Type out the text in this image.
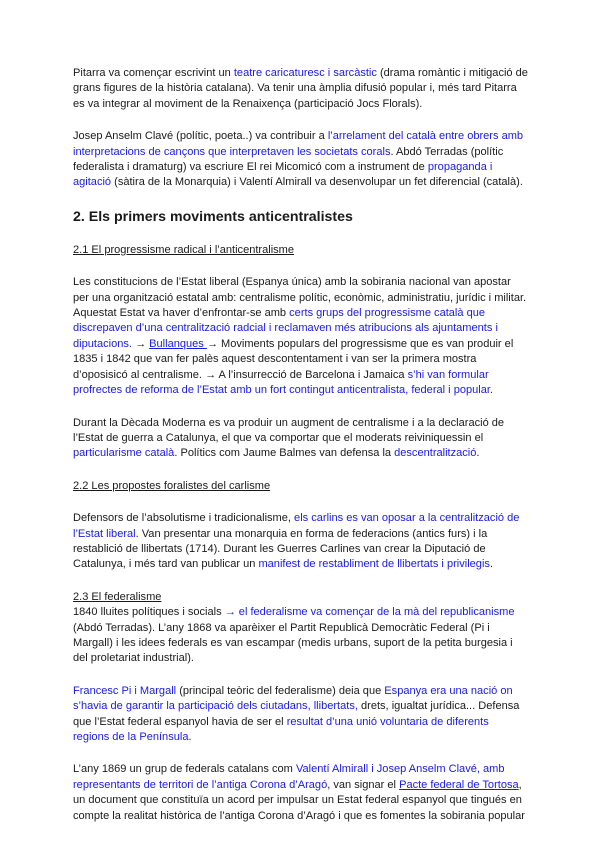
Pitarra va començar escrivint un teatre caricaturesc i sarcàstic (drama romàntic i mitigació de grans figures de la història catalana). Va tenir una àmplia difusió popular i, més tard Pitarra es va integrar al moviment de la Renaixença (participació Jocs Florals).

Josep Anselm Clavé (polític, poeta..) va contribuir a l’arrelament del català entre obrers amb interpretacions de cançons que interpretaven les societats corals. Abdó Terradas (polític federalista i dramaturg) va escriure El rei Micomicó com a instrument de propaganda i agitació (sàtira de la Monarquia) i Valentí Almirall va desenvolupar un fet diferencial (català).

2. Els primers moviments anticentralistes
2.1 El progressisme radical i l’anticentralisme

Les constitucions de l’Estat liberal (Espanya única) amb la sobirania nacional van apostar per una organització estatal amb: centralisme polític, econòmic, administratiu, jurídic i militar. Aquestat Estat va haver d’enfrontar-se amb certs grups del progressisme català que discrepaven d’una centralització radcial i reclamaven més atribucions als ajuntaments i diputacions. → Bullanques → Moviments populars del progressisme que es van produir el 1835 i 1842 que van fer palès aquest descontentament i van ser la primera mostra d’oposisicó al centralisme. → A l’insurrecció de Barcelona i Jamaica s’hi van formular profrectes de reforma de l’Estat amb un fort contingut anticentralista, federal i popular.

Durant la Dècada Moderna es va produir un augment de centralisme i a la declaració de l’Estat de guerra a Catalunya, el que va comportar que el moderats reiviniquessin el particularisme català. Polítics com Jaume Balmes van defensa la descentralització.

2.2 Les propostes foralistes del carlisme

Defensors de l’absolutisme i tradicionalisme, els carlins es van oposar a la centralització de l’Estat liberal. Van presentar una monarquia en forma de federacions (antics furs) i la restablició de llibertats (1714). Durant les Guerres Carlines van crear la Diputació de Catalunya, i més tard van publicar un manifest de restabliment de llibertats i privilegis.

2.3 El federalisme

1840 lluites polítiques i socials → el federalisme va començar de la mà del republicanisme (Abdó Terradas). L’any 1868 va aparèixer el Partit Republicà Democràtic Federal (Pi i Margall) i les idees federals es van escampar (medis urbans, suport de la petita burgesia i del proletariat industrial).

Francesc Pi i Margall (principal teòric del federalisme) deia que Espanya era una nació on s’havia de garantir la participació dels ciutadans, llibertats, drets, igualtat jurídica... Defensa que l’Estat federal espanyol havia de ser el resultat d’una unió voluntaria de diferents regions de la Península.

L’any 1869 un grup de federals catalans com Valentí Almirall i Josep Anselm Clavé, amb representants de territori de l’antiga Corona d’Aragó, van signar el Pacte federal de Tortosa, un document que constituïa un acord per impulsar un Estat federal espanyol que tingués en compte la realitat històrica de l’antiga Corona d’Aragó i que es fomentes la sobirania popular
